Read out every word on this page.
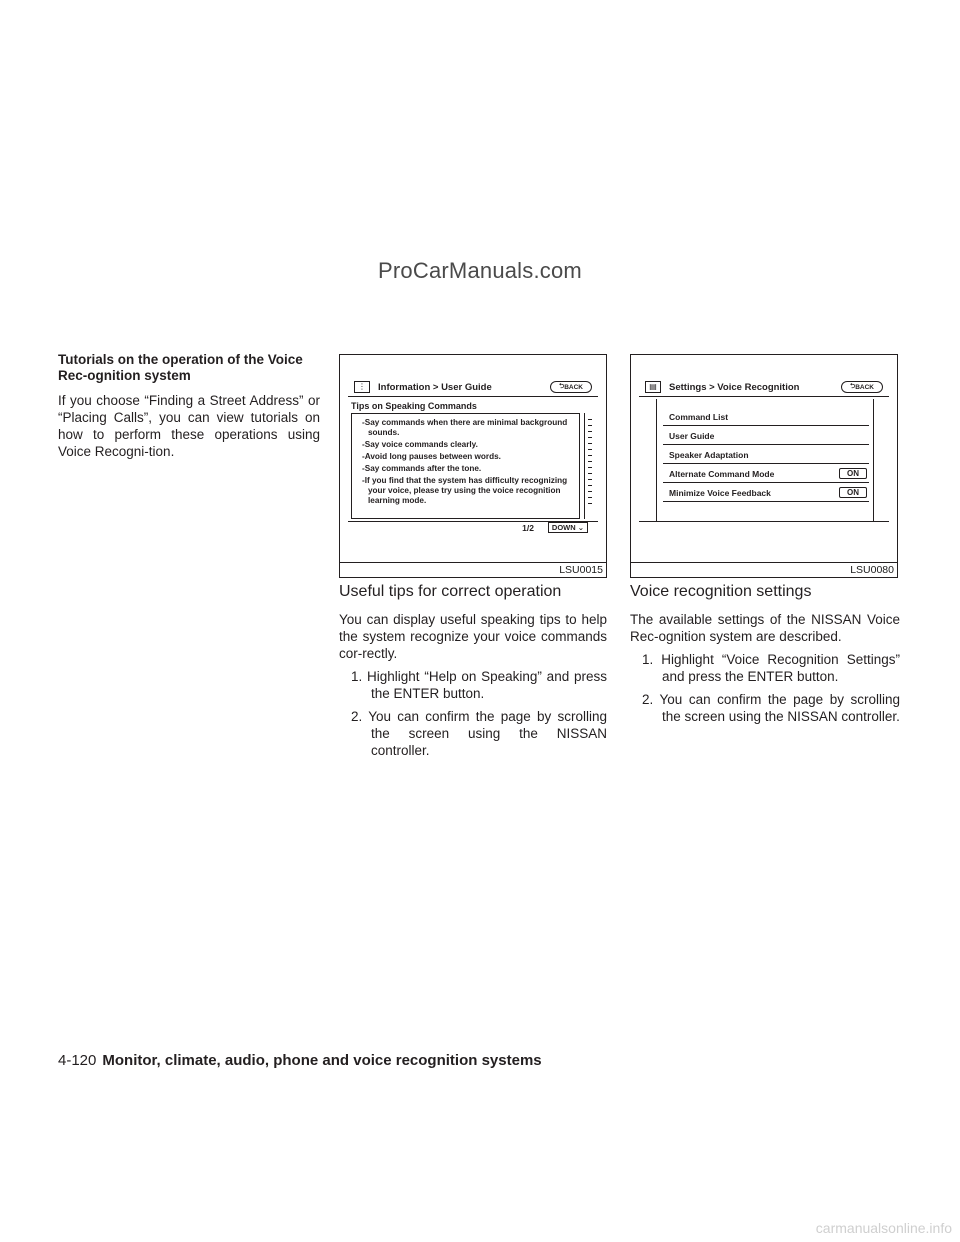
ProCarManuals.com

Tutorials on the operation of the Voice Rec-ognition system

If you choose “Finding a Street Address” or “Placing Calls”, you can view tutorials on how to perform these operations using Voice Recogni-tion.

⋮	Information > User Guide	⮌ BACK
Tips on Speaking Commands
-Say commands when there are minimal background
sounds.
-Say voice commands clearly.
-Avoid long pauses between words.
-Say commands after the tone.
-If you find that the system has difficulty recognizing
your voice, please try using the voice recognition
learning mode.
1/2 DOWN
⌄
LSU0015
▤	Settings > Voice Recognition	⮌ BACK
Command List
User Guide
Speaker Adaptation
Alternate Command Mode	ON
Minimize Voice Feedback	ON
LSU0080
Useful tips for correct operation

You can display useful speaking tips to help the system recognize your voice commands cor-rectly.

1. Highlight “Help on Speaking” and press the ENTER button.
2. You can confirm the page by scrolling the screen using the NISSAN controller.
Voice recognition settings

The available settings of the NISSAN Voice Rec-ognition system are described.

1. Highlight “Voice Recognition Settings” and press the ENTER button.
2. You can confirm the page by scrolling the screen using the NISSAN controller.
4-120 Monitor, climate, audio, phone and voice recognition systems
carmanualsonline.info
